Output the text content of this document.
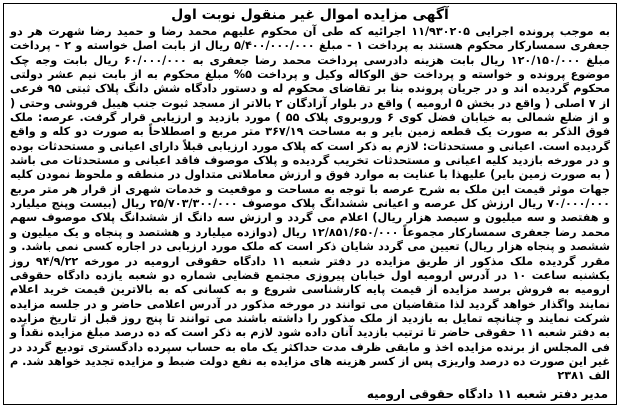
آگهی مزایده اموال غیر منقول نوبت اول

به موجب پرونده اجرایی ۱۱/۹۳۰۲۰۵ اجرائیه که طی آن محکوم علیهم محمد رضا و حمید رضا شهرت هر دو جعفری سمسارکار محکوم هستند به پرداخت ۱ - مبلغ ۵/۴۰۰/۰۰۰/۰۰۰ ریال از بابت اصل خواسته و ۲ - پرداخت مبلغ ۱۲۰/۱۵۰/۰۰۰ ریال بابت هزینه دادرسی پرداخت محمد رضا جعفری به ۶۰/۰۰۰/۰۰۰ ریال بابت وجه چک موضوع پرونده و خواسته و پرداخت حق الوکاله وکیل و پرداخت ۵% مبلغ محکوم به از بابت نیم عشر دولتی محکوم گردیده اند و در جریان پرونده بنا بر تقاضای محکوم له و دستور دادگاه شش دانگ پلاک ثبتی ۹۵ فرعی از ۷ اصلی ( واقع در بخش ۵ ارومیه ) واقع در بلوار آزادگان ۲ بالاتر از مسجد ثبوت جنب هیبل فروشی وحتی ( و از ضلع شمالی به خیابان فضل کوی ۶ وروبروی پلاک ۵۵ ) مورد بازدید و ارزیابی قرار گرفت. عرصه: ملک فوق الذکر به صورت یک قطعه زمین بایر و به مساحت ۳۶۷/۱۹ متر مربع و اصطلاحاً به صورت دو کله و واقع گردیده است. اعیانی و مستحدثات: لازم به ذکر است که پلاک مورد ارزیابی قبلاً دارای اعیانی و مستحدثات بوده و در مورخه بازدید کلیه اعیانی و مستحدثات تخریب گردیده و پلاک موصوف فاقد اعیانی و مستحدثات می باشد ( به صورت زمین بایر) علیهذا با عنایت به موارد فوق و ارزش معاملاتی متداول در منطقه و ملحوظ نمودن کلیه جهات موثر قیمت این ملک به شرح عرصه با توجه به مساحت و موقعیت و خدمات شهری از قرار هر متر مربع ۷۰/۰۰۰/۰۰۰ ریال ارزش کل عرصه و اعیانی ششدانگ پلاک موصوف ۲۵/۷۰۳/۳۰۰/۰۰۰ ریال (بیست وپنج میلیارد و هفتصد و سه میلیون و سیصد هزار ریال) اعلام می گردد و ارزش سه دانگ از ششدانگ پلاک موصوف سهم محمد رضا جعفری سمسارکار مجموعاً ۱۲/۸۵۱/۶۵۰/۰۰۰ ریال (دوازده میلیارد و هشتصد و پنجاه و یک میلیون و ششصد و پنجاه هزار ریال) تعیین می گردد شایان ذکر است که ملک مورد ارزیابی در اجاره کسی نمی باشد. و مقرر گردیده ملک مذکور از طریق مزایده در دفتر شعبه ۱۱ دادگاه حقوقی ارومیه در مورخه ۹۴/۹/۲۲ روز یکشنبه ساعت ۱۰ در آدرس ارومیه اول خیابان پیروزی مجتمع قضایی شماره دو شعبه یازده دادگاه حقوقی ارومیه به فروش برسد مزایده از قیمت پایه کارشناسی شروع و به کسانی که به بالاترین قیمت خرید اعلام نمایند واگذار خواهد گردید لذا متقاضیان می توانند در مورخه مذکور در آدرس اعلامی حاضر و در جلسه مزایده شرکت نمایند و چنانچه تمایل به بازدید از ملک مذکور را داشته باشند می توانند تا پنج روز قبل از تاریخ مزایده به دفتر شعبه ۱۱ حقوقی حاضر تا ترتیب بازدید آنان داده شود لازم به ذکر است که ده درصد مبلغ مزایده نقداً و فی المجلس از برنده مزایده اخذ و مابقی ظرف مدت حداکثر یک ماه به حساب سپرده دادگستری تودیع گردد در غیر این صورت ده درصد واریزی پس از کسر هزینه های مزایده به نفع دولت ضبط و مزایده تجدید خواهد شد. م الف ۲۳۸۱

مدیر دفتر شعبه ۱۱ دادگاه حقوقی ارومیه
